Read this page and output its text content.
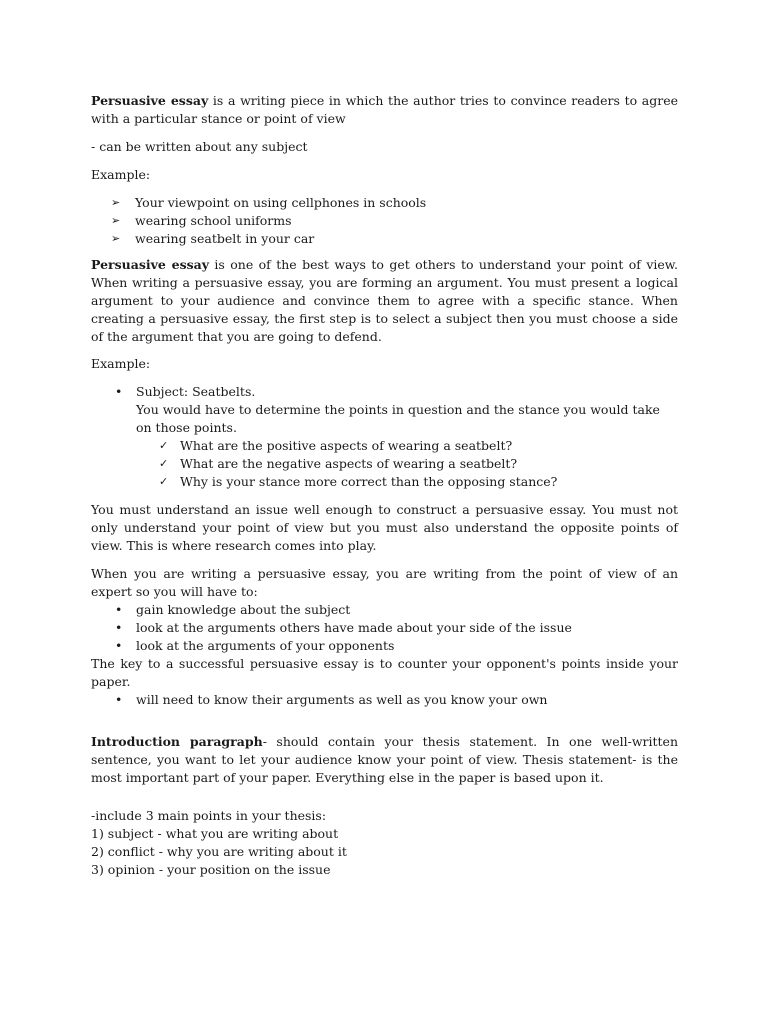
Persuasive essay is a writing piece in which the author tries to convince readers to agree with a particular stance or point of view

- can be written about any subject

Example:

➢ Your viewpoint on using cellphones in schools
➢ wearing school uniforms
➢ wearing seatbelt in your car

Persuasive essay is one of the best ways to get others to understand your point of view. When writing a persuasive essay, you are forming an argument. You must present a logical argument to your audience and convince them to agree with a specific stance. When creating a persuasive essay, the first step is to select a subject then you must choose a side of the argument that you are going to defend.

Example:

• Subject: Seatbelts.

You would have to determine the points in question and the stance you would take on those points.

✓ What are the positive aspects of wearing a seatbelt?
✓ What are the negative aspects of wearing a seatbelt?
✓ Why is your stance more correct than the opposing stance?

You must understand an issue well enough to construct a persuasive essay. You must not only understand your point of view but you must also understand the opposite points of view. This is where research comes into play.

When you are writing a persuasive essay, you are writing from the point of view of an expert so you will have to:

• gain knowledge about the subject
• look at the arguments others have made about your side of the issue
• look at the arguments of your opponents

The key to a successful persuasive essay is to counter your opponent's points inside your paper.

• will need to know their arguments as well as you know your own

Introduction paragraph- should contain your thesis statement. In one well-written sentence, you want to let your audience know your point of view. Thesis statement- is the most important part of your paper. Everything else in the paper is based upon it.

-include 3 main points in your thesis:

1) subject - what you are writing about

2) conflict - why you are writing about it

3) opinion - your position on the issue
